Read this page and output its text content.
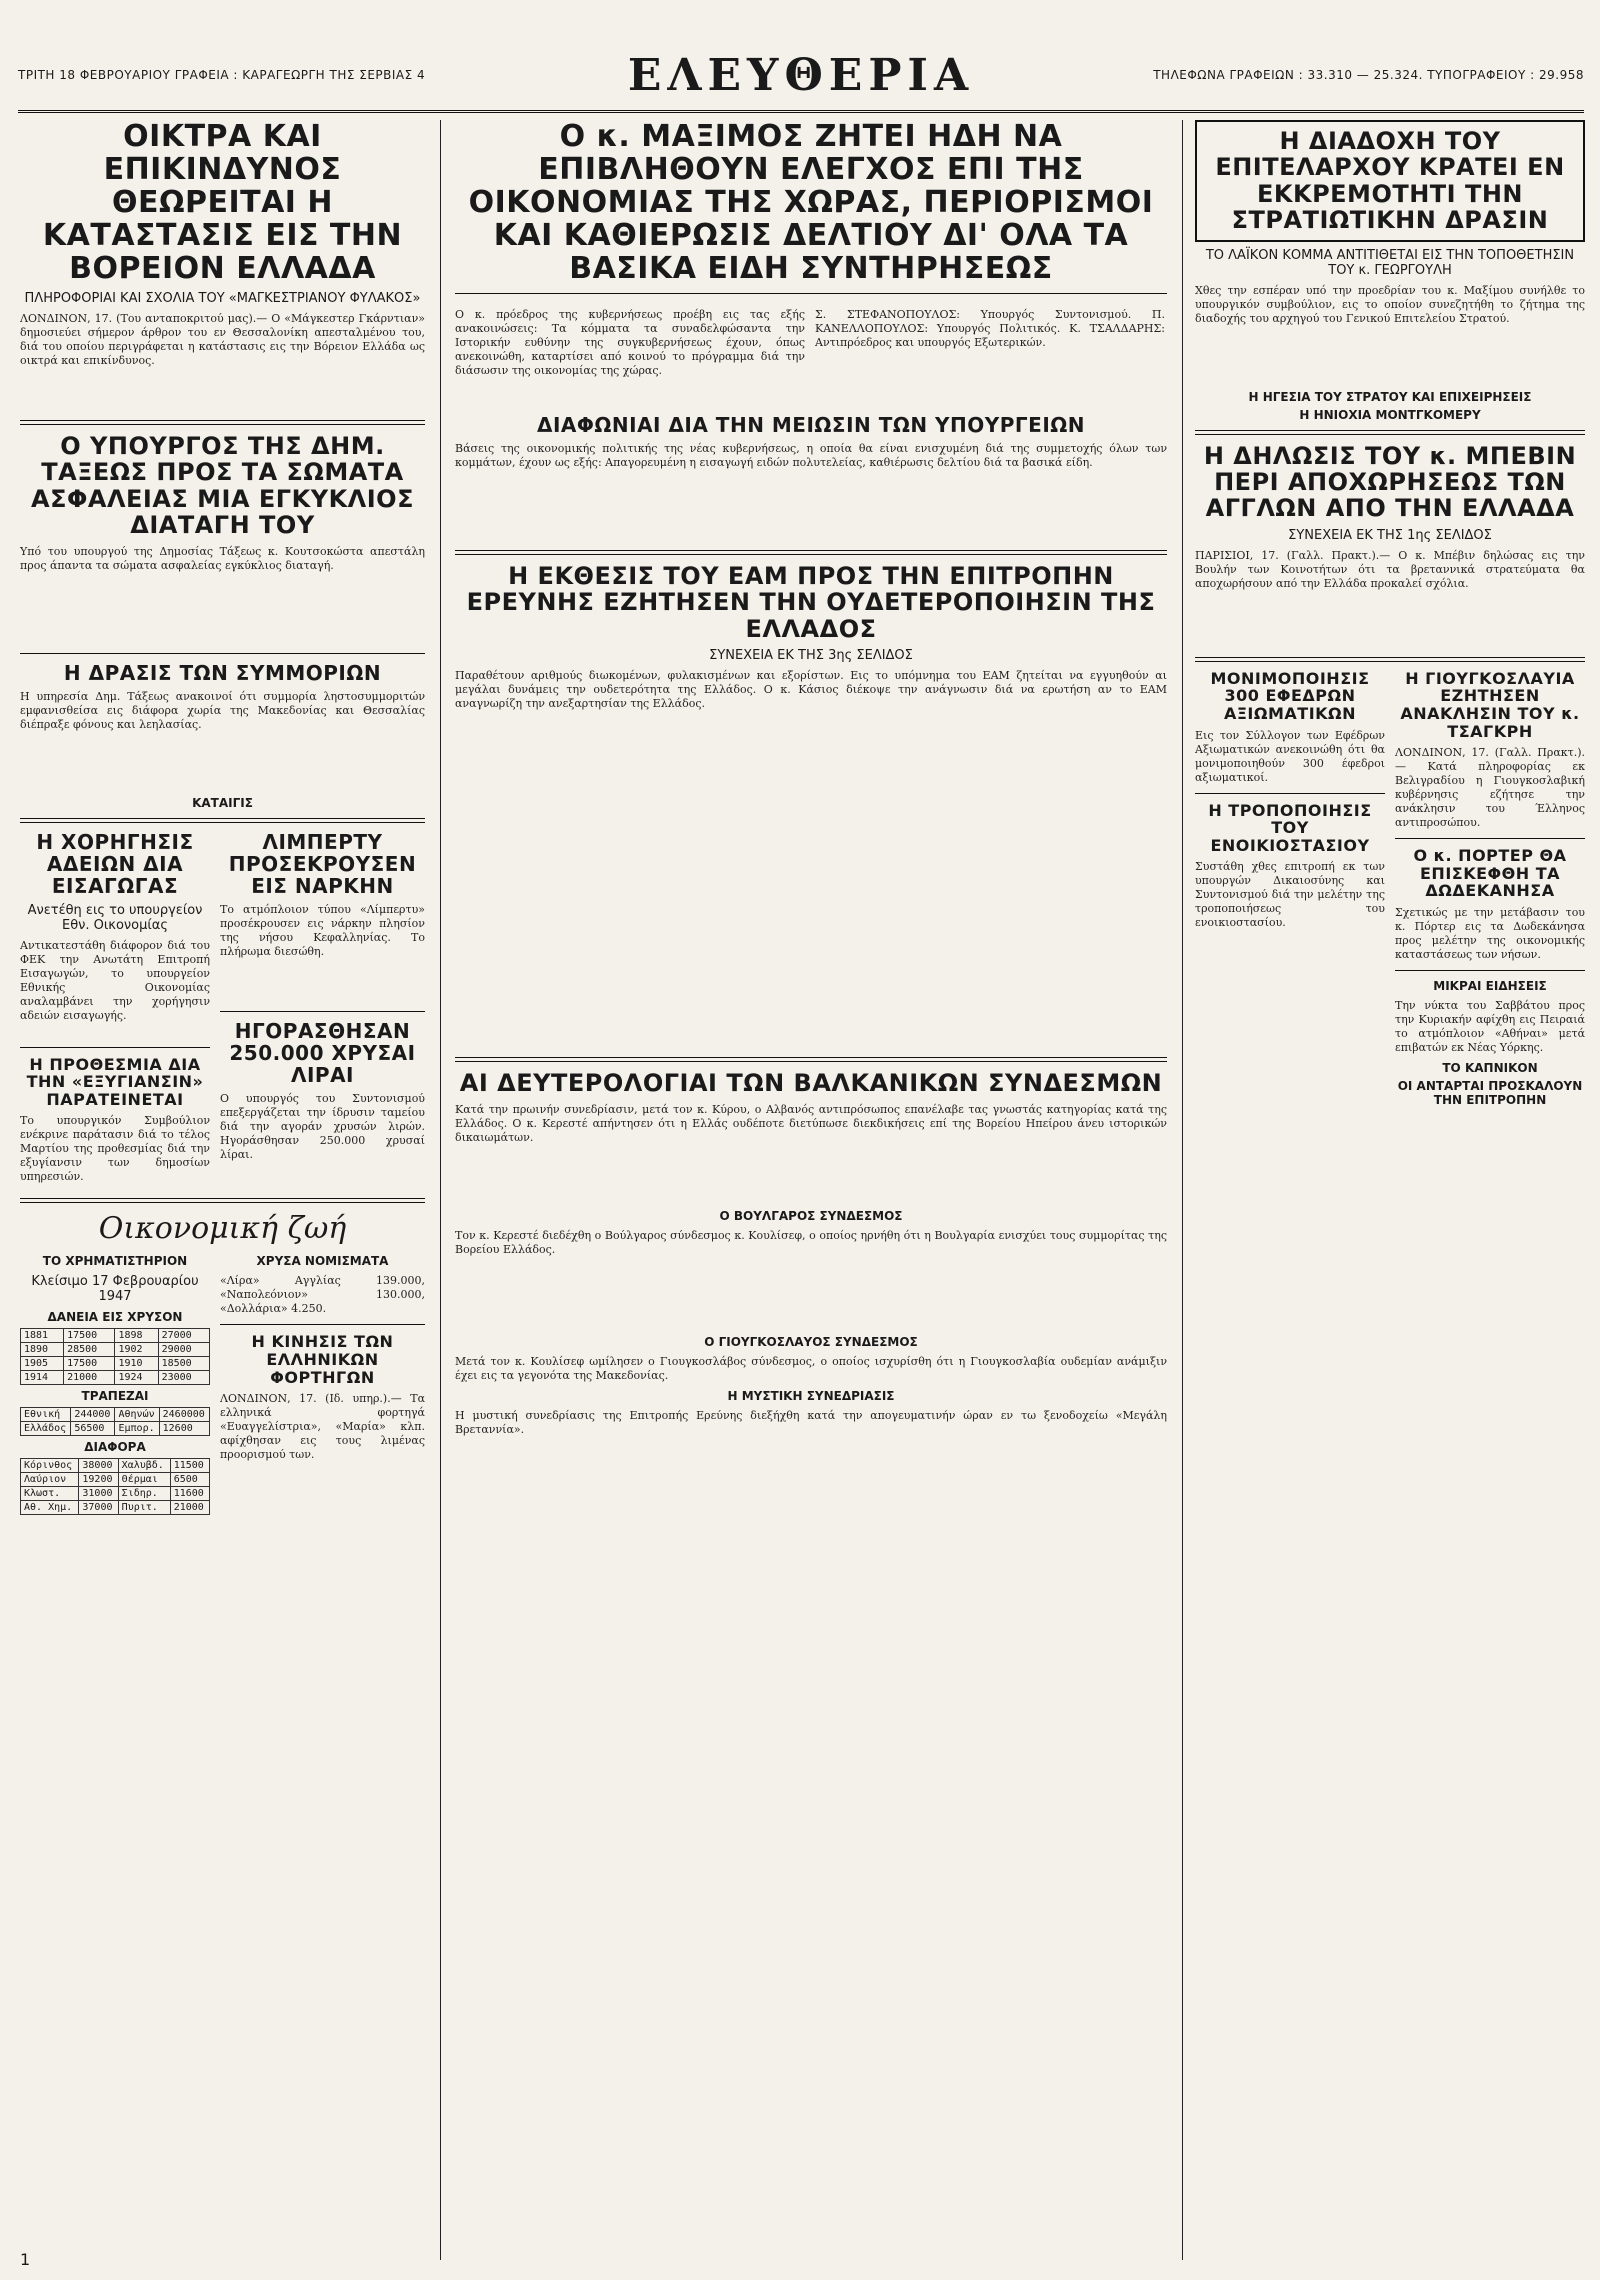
ΤΡΙΤΗ 18 ΦΕΒΡΟΥΑΡΙΟΥ ΓΡΑΦΕΙΑ : ΚΑΡΑΓΕΩΡΓΗ ΤΗΣ ΣΕΡΒΙΑΣ 4	ΕΛΕΥΘΕΡΙΑ	ΤΗΛΕΦΩΝΑ ΓΡΑΦΕΙΩΝ : 33.310 — 25.324. ΤΥΠΟΓΡΑΦΕΙΟΥ : 29.958
ΟΙΚΤΡΑ ΚΑΙ ΕΠΙΚΙΝΔΥΝΟΣ ΘΕΩΡΕΙΤΑΙ Η ΚΑΤΑΣΤΑΣΙΣ ΕΙΣ ΤΗΝ ΒΟΡΕΙΟΝ ΕΛΛΑΔΑ
ΠΛΗΡΟΦΟΡΙΑΙ ΚΑΙ ΣΧΟΛΙΑ ΤΟΥ «ΜΑΓΚΕΣΤΡΙΑΝΟΥ ΦΥΛΑΚΟΣ»
ΛΟΝΔΙΝΟΝ, 17. (Του ανταποκριτού μας).— Ο «Μάγκεστερ Γκάρντιαν» δημοσιεύει σήμερον άρθρον του εν Θεσσαλονίκη απεσταλμένου του, διά του οποίου περιγράφεται η κατάστασις εις την Βόρειον Ελλάδα ως οικτρά και επικίνδυνος.
Ο ΥΠΟΥΡΓΟΣ ΤΗΣ ΔΗΜ. ΤΑΞΕΩΣ ΠΡΟΣ ΤΑ ΣΩΜΑΤΑ ΑΣΦΑΛΕΙΑΣ ΜΙΑ ΕΓΚΥΚΛΙΟΣ ΔΙΑΤΑΓΗ ΤΟΥ
Υπό του υπουργού της Δημοσίας Τάξεως κ. Κουτσοκώστα απεστάλη προς άπαντα τα σώματα ασφαλείας εγκύκλιος διαταγή.
Η ΔΡΑΣΙΣ ΤΩΝ ΣΥΜΜΟΡΙΩΝ
Η υπηρεσία Δημ. Τάξεως ανακοινοί ότι συμμορία ληστοσυμμοριτών εμφανισθείσα εις διάφορα χωρία της Μακεδονίας και Θεσσαλίας διέπραξε φόνους και λεηλασίας.
ΚΑΤΑΙΓΙΣ
Η ΧΟΡΗΓΗΣΙΣ ΑΔΕΙΩΝ ΔΙΑ ΕΙΣΑΓΩΓΑΣ
Ανετέθη εις το υπουργείον Εθν. Οικονομίας
Αντικατεστάθη διάφορον διά του ΦΕΚ την Ανωτάτη Επιτροπή Εισαγωγών, το υπουργείον Εθνικής Οικονομίας αναλαμβάνει την χορήγησιν αδειών εισαγωγής.
Η ΠΡΟΘΕΣΜΙΑ ΔΙΑ ΤΗΝ «ΕΞΥΓΙΑΝΣΙΝ» ΠΑΡΑΤΕΙΝΕΤΑΙ
Το υπουργικόν Συμβούλιον ενέκρινε παράτασιν διά το τέλος Μαρτίου της προθεσμίας διά την εξυγίανσιν των δημοσίων υπηρεσιών.
ΛΙΜΠΕΡΤΥ ΠΡΟΣΕΚΡΟΥΣΕΝ ΕΙΣ ΝΑΡΚΗΝ
Το ατμόπλοιον τύπου «Λίμπερτυ» προσέκρουσεν εις νάρκην πλησίον της νήσου Κεφαλληνίας. Το πλήρωμα διεσώθη.
ΗΓΟΡΑΣΘΗΣΑΝ 250.000 ΧΡΥΣΑΙ ΛΙΡΑΙ
Ο υπουργός του Συντονισμού επεξεργάζεται την ίδρυσιν ταμείου διά την αγοράν χρυσών λιρών. Ηγοράσθησαν 250.000 χρυσαί λίραι.
Οικονομική ζωή
ΤΟ ΧΡΗΜΑΤΙΣΤΗΡΙΟΝ
Κλείσιμο 17 Φεβρουαρίου 1947
ΔΑΝΕΙΑ ΕΙΣ ΧΡΥΣΟΝ
1881	17500	1898	27000
1890	28500	1902	29000
1905	17500	1910	18500
1914	21000	1924	23000
ΤΡΑΠΕΖΑΙ
Εθνική	244000	Αθηνών	2460000
Ελλάδος	56500	Εμπορ.	12600
ΔΙΑΦΟΡΑ
Κόρινθος	38000	Χαλυβδ.	11500
Λαύριον	19200	Θέρμαι	6500
Κλωστ.	31000	Σιδηρ.	11600
Αθ. Χημ.	37000	Πυριτ.	21000
ΧΡΥΣΑ ΝΟΜΙΣΜΑΤΑ
«Λίρα» Αγγλίας 139.000, «Ναπολεόνιον» 130.000, «Δολλάρια» 4.250.
Η ΚΙΝΗΣΙΣ ΤΩΝ ΕΛΛΗΝΙΚΩΝ ΦΟΡΤΗΓΩΝ
ΛΟΝΔΙΝΟΝ, 17. (Ιδ. υπηρ.).— Τα ελληνικά φορτηγά «Ευαγγελίστρια», «Μαρία» κλπ. αφίχθησαν εις τους λιμένας προορισμού των.
Ο κ. ΜΑΞΙΜΟΣ ΖΗΤΕΙ ΗΔΗ ΝΑ ΕΠΙΒΛΗΘΟΥΝ ΕΛΕΓΧΟΣ ΕΠΙ ΤΗΣ ΟΙΚΟΝΟΜΙΑΣ ΤΗΣ ΧΩΡΑΣ, ΠΕΡΙΟΡΙΣΜΟΙ ΚΑΙ ΚΑΘΙΕΡΩΣΙΣ ΔΕΛΤΙΟΥ ΔΙ' ΟΛΑ ΤΑ ΒΑΣΙΚΑ ΕΙΔΗ ΣΥΝΤΗΡΗΣΕΩΣ
Ο κ. πρόεδρος της κυβερνήσεως προέβη εις τας εξής ανακοινώσεις: Τα κόμματα τα συναδελφώσαντα την Ιστορικήν ευθύνην της συγκυβερνήσεως έχουν, όπως ανεκοινώθη, καταρτίσει από κοινού το πρόγραμμα διά την διάσωσιν της οικονομίας της χώρας.
Σ. ΣΤΕΦΑΝΟΠΟΥΛΟΣ: Υπουργός Συντονισμού. Π. ΚΑΝΕΛΛΟΠΟΥΛΟΣ: Υπουργός Πολιτικός. Κ. ΤΣΑΛΔΑΡΗΣ: Αντιπρόεδρος και υπουργός Εξωτερικών.
ΔΙΑΦΩΝΙΑΙ ΔΙΑ ΤΗΝ ΜΕΙΩΣΙΝ ΤΩΝ ΥΠΟΥΡΓΕΙΩΝ
Βάσεις της οικονομικής πολιτικής της νέας κυβερνήσεως, η οποία θα είναι ενισχυμένη διά της συμμετοχής όλων των κομμάτων, έχουν ως εξής: Απαγορευμένη η εισαγωγή ειδών πολυτελείας, καθιέρωσις δελτίου διά τα βασικά είδη.
Η ΕΚΘΕΣΙΣ ΤΟΥ ΕΑΜ ΠΡΟΣ ΤΗΝ ΕΠΙΤΡΟΠΗΝ ΕΡΕΥΝΗΣ ΕΖΗΤΗΣΕΝ ΤΗΝ ΟΥΔΕΤΕΡΟΠΟΙΗΣΙΝ ΤΗΣ ΕΛΛΑΔΟΣ
ΣΥΝΕΧΕΙΑ ΕΚ ΤΗΣ 3ης ΣΕΛΙΔΟΣ
Παραθέτουν αριθμούς διωκομένων, φυλακισμένων και εξορίστων. Εις το υπόμνημα του ΕΑΜ ζητείται να εγγυηθούν αι μεγάλαι δυνάμεις την ουδετερότητα της Ελλάδος. Ο κ. Κάσιος διέκοψε την ανάγνωσιν διά να ερωτήση αν το ΕΑΜ αναγνωρίζη την ανεξαρτησίαν της Ελλάδος.
ΑΙ ΔΕΥΤΕΡΟΛΟΓΙΑΙ ΤΩΝ ΒΑΛΚΑΝΙΚΩΝ ΣΥΝΔΕΣΜΩΝ
Κατά την πρωινήν συνεδρίασιν, μετά τον κ. Κύρου, ο Αλβανός αντιπρόσωπος επανέλαβε τας γνωστάς κατηγορίας κατά της Ελλάδος. Ο κ. Κερεστέ απήντησεν ότι η Ελλάς ουδέποτε διετύπωσε διεκδικήσεις επί της Βορείου Ηπείρου άνευ ιστορικών δικαιωμάτων.
Ο ΒΟΥΛΓΑΡΟΣ ΣΥΝΔΕΣΜΟΣ
Τον κ. Κερεστέ διεδέχθη ο Βούλγαρος σύνδεσμος κ. Κουλίσεφ, ο οποίος ηρνήθη ότι η Βουλγαρία ενισχύει τους συμμορίτας της Βορείου Ελλάδος.
Ο ΓΙΟΥΓΚΟΣΛΑΥΟΣ ΣΥΝΔΕΣΜΟΣ
Μετά τον κ. Κουλίσεφ ωμίλησεν ο Γιουγκοσλάβος σύνδεσμος, ο οποίος ισχυρίσθη ότι η Γιουγκοσλαβία ουδεμίαν ανάμιξιν έχει εις τα γεγονότα της Μακεδονίας.
Η ΜΥΣΤΙΚΗ ΣΥΝΕΔΡΙΑΣΙΣ
Η μυστική συνεδρίασις της Επιτροπής Ερεύνης διεξήχθη κατά την απογευματινήν ώραν εν τω ξενοδοχείω «Μεγάλη Βρεταννία».
Η ΔΙΑΔΟΧΗ ΤΟΥ ΕΠΙΤΕΛΑΡΧΟΥ ΚΡΑΤΕΙ ΕΝ ΕΚΚΡΕΜΟΤΗΤΙ ΤΗΝ ΣΤΡΑΤΙΩΤΙΚΗΝ ΔΡΑΣΙΝ
ΤΟ ΛΑΪΚΟΝ ΚΟΜΜΑ ΑΝΤΙΤΙΘΕΤΑΙ ΕΙΣ ΤΗΝ ΤΟΠΟΘΕΤΗΣΙΝ ΤΟΥ κ. ΓΕΩΡΓΟΥΛΗ
Χθες την εσπέραν υπό την προεδρίαν του κ. Μαξίμου συνήλθε το υπουργικόν συμβούλιον, εις το οποίον συνεζητήθη το ζήτημα της διαδοχής του αρχηγού του Γενικού Επιτελείου Στρατού.
Η ΗΓΕΣΙΑ ΤΟΥ ΣΤΡΑΤΟΥ ΚΑΙ ΕΠΙΧΕΙΡΗΣΕΙΣ
Η ΗΝΙΟΧΙΑ ΜΟΝΤΓΚΟΜΕΡΥ
Η ΔΗΛΩΣΙΣ ΤΟΥ κ. ΜΠΕΒΙΝ ΠΕΡΙ ΑΠΟΧΩΡΗΣΕΩΣ ΤΩΝ ΑΓΓΛΩΝ ΑΠΟ ΤΗΝ ΕΛΛΑΔΑ
ΣΥΝΕΧΕΙΑ ΕΚ ΤΗΣ 1ης ΣΕΛΙΔΟΣ
ΠΑΡΙΣΙΟΙ, 17. (Γαλλ. Πρακτ.).— Ο κ. Μπέβιν δηλώσας εις την Βουλήν των Κοινοτήτων ότι τα βρεταννικά στρατεύματα θα αποχωρήσουν από την Ελλάδα προκαλεί σχόλια.
ΜΟΝΙΜΟΠΟΙΗΣΙΣ 300 ΕΦΕΔΡΩΝ ΑΞΙΩΜΑΤΙΚΩΝ
Εις τον Σύλλογον των Εφέδρων Αξιωματικών ανεκοινώθη ότι θα μονιμοποιηθούν 300 έφεδροι αξιωματικοί.
Η ΤΡΟΠΟΠΟΙΗΣΙΣ ΤΟΥ ΕΝΟΙΚΙΟΣΤΑΣΙΟΥ
Συστάθη χθες επιτροπή εκ των υπουργών Δικαιοσύνης και Συντονισμού διά την μελέτην της τροποποιήσεως του ενοικιοστασίου.
Η ΓΙΟΥΓΚΟΣΛΑΥΙΑ ΕΖΗΤΗΣΕΝ ΑΝΑΚΛΗΣΙΝ ΤΟΥ κ. ΤΣΑΓΚΡΗ
ΛΟΝΔΙΝΟΝ, 17. (Γαλλ. Πρακτ.).— Κατά πληροφορίας εκ Βελιγραδίου η Γιουγκοσλαβική κυβέρνησις εζήτησε την ανάκλησιν του Έλληνος αντιπροσώπου.
Ο κ. ΠΟΡΤΕΡ ΘΑ ΕΠΙΣΚΕΦΘΗ ΤΑ ΔΩΔΕΚΑΝΗΣΑ
Σχετικώς με την μετάβασιν του κ. Πόρτερ εις τα Δωδεκάνησα προς μελέτην της οικονομικής καταστάσεως των νήσων.
ΜΙΚΡΑΙ ΕΙΔΗΣΕΙΣ
Την νύκτα του Σαββάτου προς την Κυριακήν αφίχθη εις Πειραιά το ατμόπλοιον «Αθήναι» μετά επιβατών εκ Νέας Υόρκης.
ΤΟ ΚΑΠΝΙΚΟΝ
ΟΙ ΑΝΤΑΡΤΑΙ ΠΡΟΣΚΑΛΟΥΝ ΤΗΝ ΕΠΙΤΡΟΠΗΝ
1
